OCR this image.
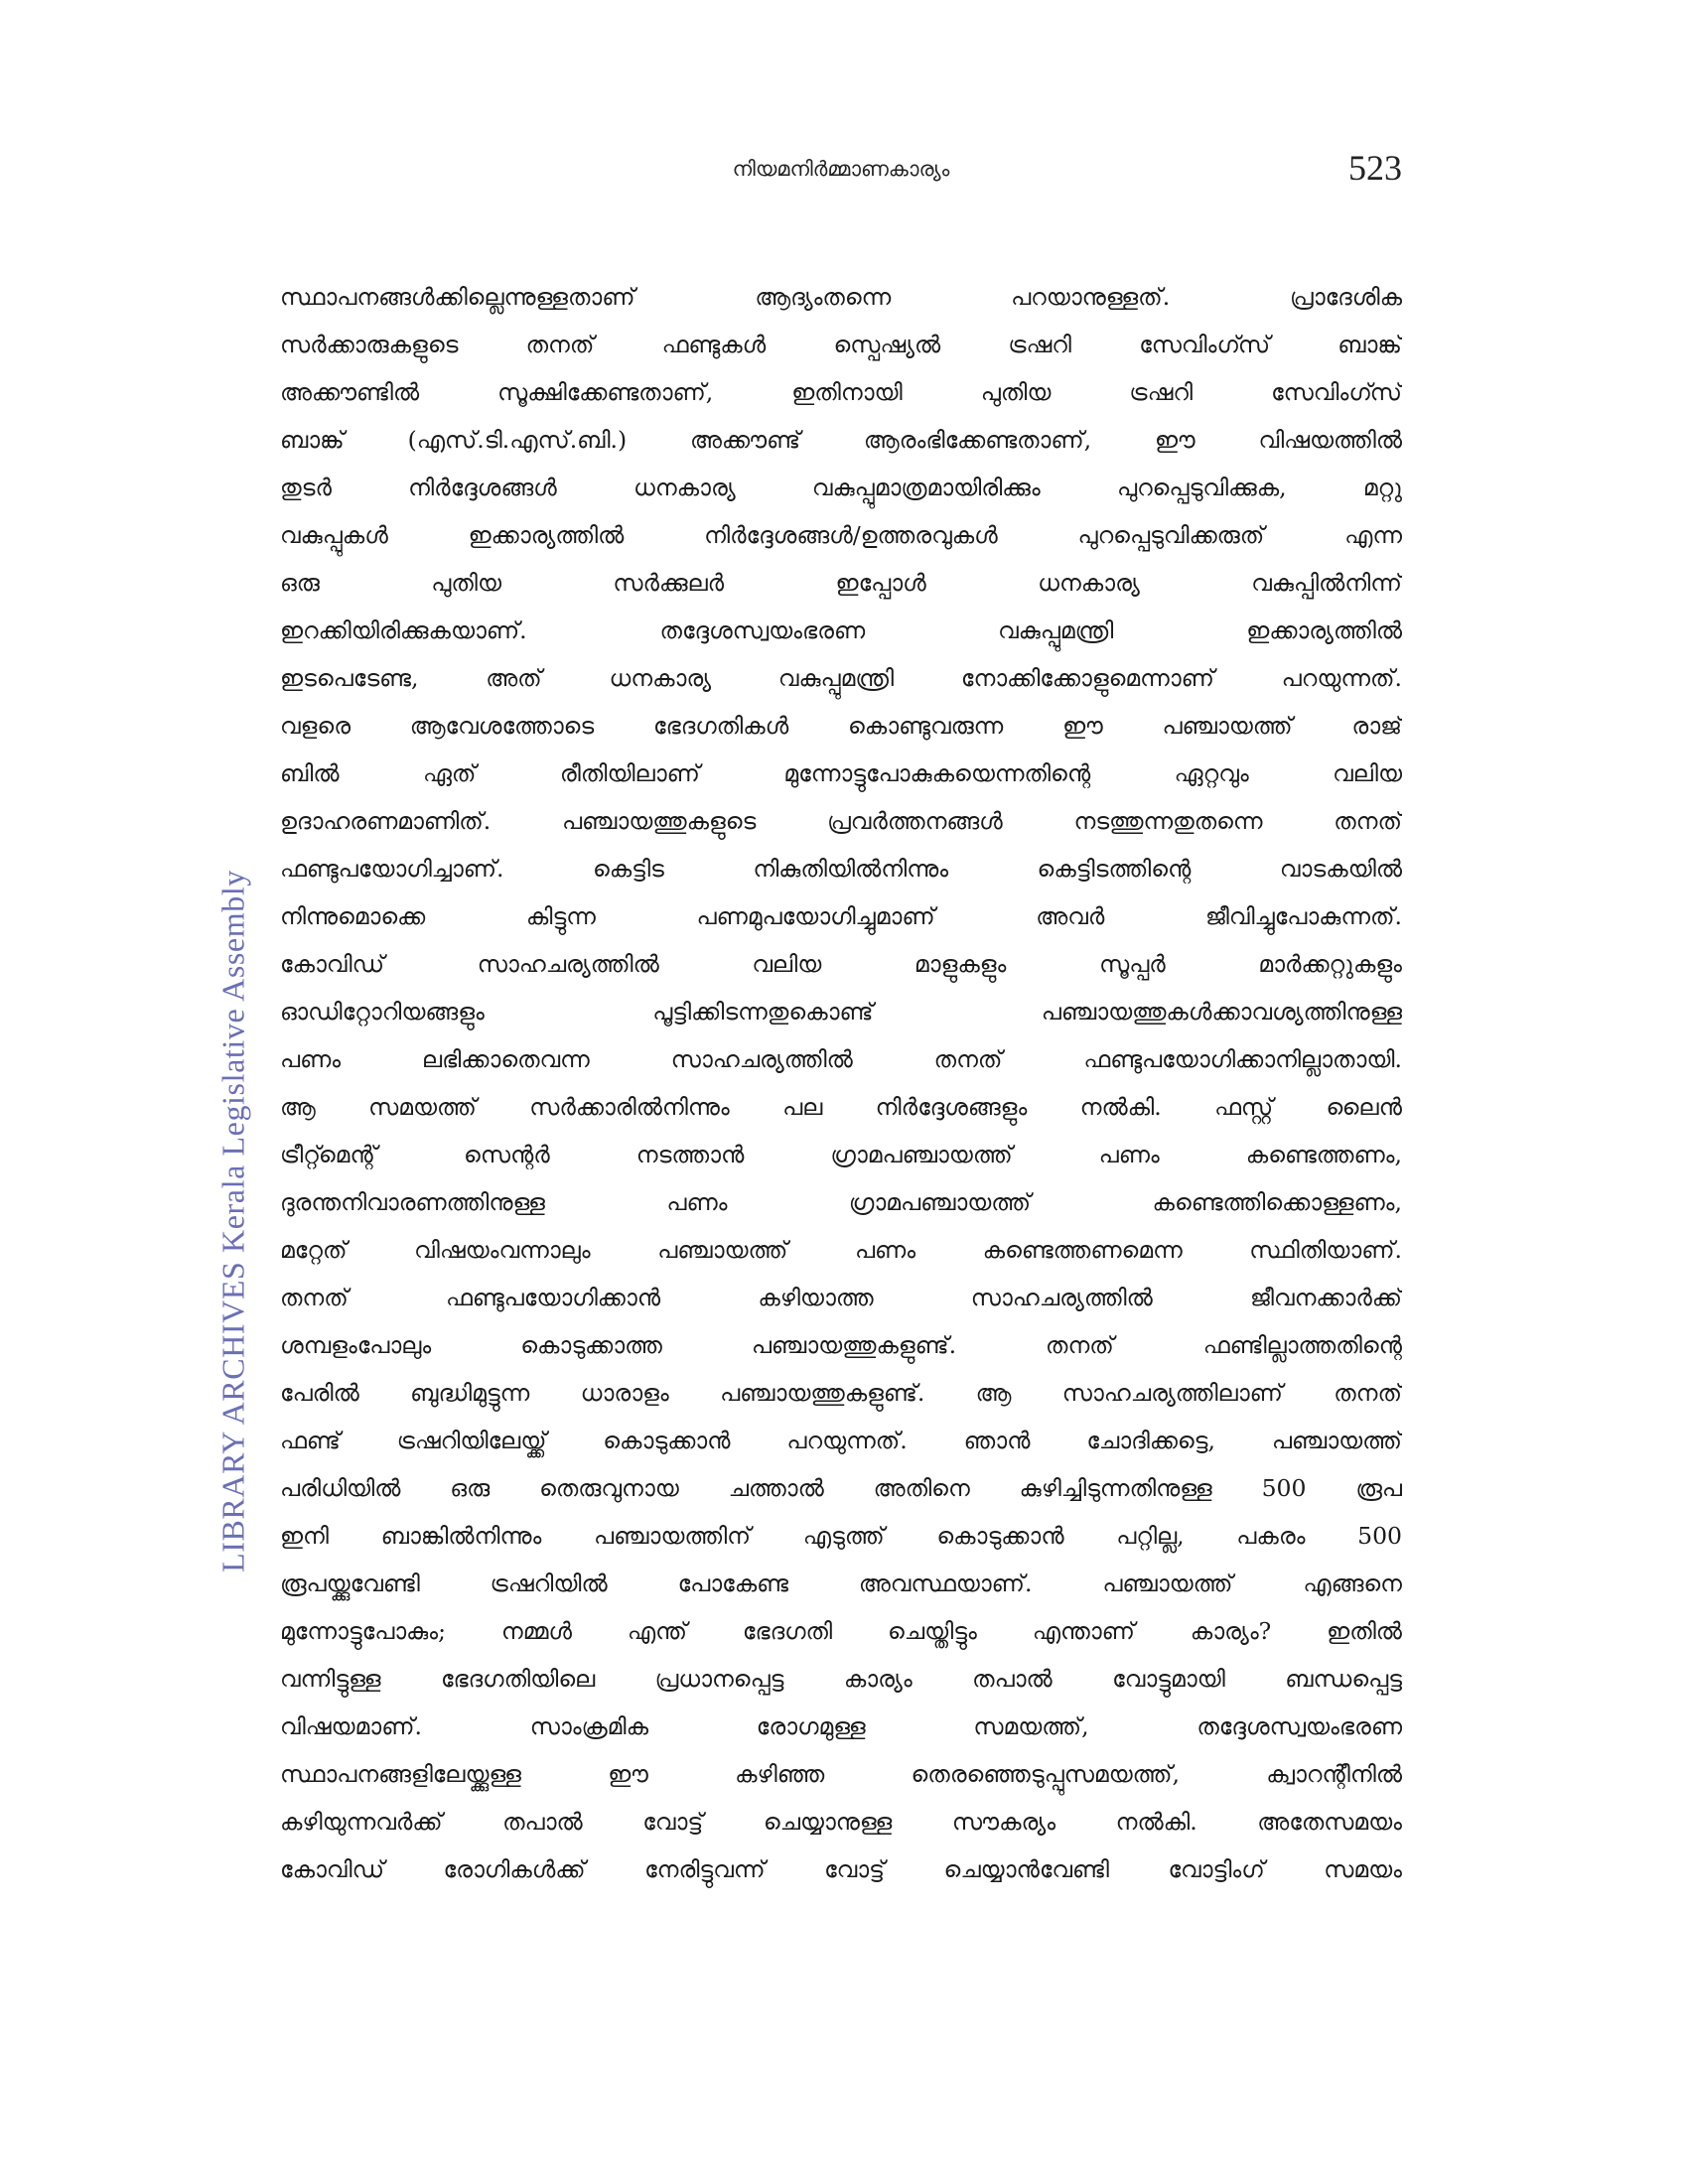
നിയമനിർമ്മാണകാര്യം	523
LIBRARY ARCHIVES Kerala Legislative Assembly
സ്ഥാപനങ്ങൾക്കില്ലെന്നുള്ളതാണ് ആദ്യംതന്നെ പറയാനുള്ളത്. പ്രാദേശിക
സർക്കാരുകളുടെ തനത് ഫണ്ടുകൾ സ്പെഷ്യൽ ട്രഷറി സേവിംഗ്സ് ബാങ്ക്
അക്കൗണ്ടിൽ സൂക്ഷിക്കേണ്ടതാണ്, ഇതിനായി പുതിയ ട്രഷറി സേവിംഗ്സ്
ബാങ്ക് (എസ്.ടി.എസ്.ബി.) അക്കൗണ്ട് ആരംഭിക്കേണ്ടതാണ്, ഈ വിഷയത്തിൽ
തുടർ നിർദ്ദേശങ്ങൾ ധനകാര്യ വകുപ്പുമാത്രമായിരിക്കും പുറപ്പെടുവിക്കുക, മറ്റു
വകുപ്പുകൾ ഇക്കാര്യത്തിൽ നിർദ്ദേശങ്ങൾ/ഉത്തരവുകൾ പുറപ്പെടുവിക്കരുത് എന്ന
ഒരു പുതിയ സർക്കുലർ ഇപ്പോൾ ധനകാര്യ വകുപ്പിൽനിന്ന്
ഇറക്കിയിരിക്കുകയാണ്. തദ്ദേശസ്വയംഭരണ വകുപ്പുമന്ത്രി ഇക്കാര്യത്തിൽ
ഇടപെടേണ്ട, അത് ധനകാര്യ വകുപ്പുമന്ത്രി നോക്കിക്കോളുമെന്നാണ് പറയുന്നത്.
വളരെ ആവേശത്തോടെ ഭേദഗതികൾ കൊണ്ടുവരുന്ന ഈ പഞ്ചായത്ത് രാജ്
ബിൽ ഏത് രീതിയിലാണ് മുന്നോട്ടുപോകുകയെന്നതിന്റെ ഏറ്റവും വലിയ
ഉദാഹരണമാണിത്. പഞ്ചായത്തുകളുടെ പ്രവർത്തനങ്ങൾ നടത്തുന്നതുതന്നെ തനത്
ഫണ്ടുപയോഗിച്ചാണ്. കെട്ടിട നികുതിയിൽനിന്നും കെട്ടിടത്തിന്റെ വാടകയിൽ
നിന്നുമൊക്കെ കിട്ടുന്ന പണമുപയോഗിച്ചുമാണ് അവർ ജീവിച്ചുപോകുന്നത്.
കോവിഡ് സാഹചര്യത്തിൽ വലിയ മാളുകളും സൂപ്പർ മാർക്കറ്റുകളും
ഓഡിറ്റോറിയങ്ങളും പൂട്ടിക്കിടന്നതുകൊണ്ട് പഞ്ചായത്തുകൾക്കാവശ്യത്തിനുള്ള
പണം ലഭിക്കാതെവന്ന സാഹചര്യത്തിൽ തനത് ഫണ്ടുപയോഗിക്കാനില്ലാതായി.
ആ സമയത്ത് സർക്കാരിൽനിന്നും പല നിർദ്ദേശങ്ങളും നൽകി. ഫസ്റ്റ് ലൈൻ
ട്രീറ്റ്മെന്റ് സെന്റർ നടത്താൻ ഗ്രാമപഞ്ചായത്ത് പണം കണ്ടെത്തണം,
ദുരന്തനിവാരണത്തിനുള്ള പണം ഗ്രാമപഞ്ചായത്ത് കണ്ടെത്തിക്കൊള്ളണം,
മറ്റേത് വിഷയംവന്നാലും പഞ്ചായത്ത് പണം കണ്ടെത്തണമെന്ന സ്ഥിതിയാണ്.
തനത് ഫണ്ടുപയോഗിക്കാൻ കഴിയാത്ത സാഹചര്യത്തിൽ ജീവനക്കാർക്ക്
ശമ്പളംപോലും കൊടുക്കാത്ത പഞ്ചായത്തുകളുണ്ട്. തനത് ഫണ്ടില്ലാത്തതിന്റെ
പേരിൽ ബുദ്ധിമുട്ടുന്ന ധാരാളം പഞ്ചായത്തുകളുണ്ട്. ആ സാഹചര്യത്തിലാണ് തനത്
ഫണ്ട് ട്രഷറിയിലേയ്ക്ക് കൊടുക്കാൻ പറയുന്നത്. ഞാൻ ചോദിക്കട്ടെ, പഞ്ചായത്ത്
പരിധിയിൽ ഒരു തെരുവുനായ ചത്താൽ അതിനെ കുഴിച്ചിടുന്നതിനുള്ള 500 രൂപ
ഇനി ബാങ്കിൽനിന്നും പഞ്ചായത്തിന് എടുത്ത് കൊടുക്കാൻ പറ്റില്ല, പകരം 500
രൂപയ്ക്കുവേണ്ടി ട്രഷറിയിൽ പോകേണ്ട അവസ്ഥയാണ്. പഞ്ചായത്ത് എങ്ങനെ
മുന്നോട്ടുപോകും; നമ്മൾ എന്ത് ഭേദഗതി ചെയ്തിട്ടും എന്താണ് കാര്യം? ഇതിൽ
വന്നിട്ടുള്ള ഭേദഗതിയിലെ പ്രധാനപ്പെട്ട കാര്യം തപാൽ വോട്ടുമായി ബന്ധപ്പെട്ട
വിഷയമാണ്. സാംക്രമിക രോഗമുള്ള സമയത്ത്, തദ്ദേശസ്വയംഭരണ
സ്ഥാപനങ്ങളിലേയ്ക്കുള്ള ഈ കഴിഞ്ഞ തെരഞ്ഞെടുപ്പുസമയത്ത്, ക്വാറന്റീനിൽ
കഴിയുന്നവർക്ക് തപാൽ വോട്ട് ചെയ്യാനുള്ള സൗകര്യം നൽകി. അതേസമയം
കോവിഡ് രോഗികൾക്ക് നേരിട്ടുവന്ന് വോട്ട് ചെയ്യാൻവേണ്ടി വോട്ടിംഗ് സമയം
